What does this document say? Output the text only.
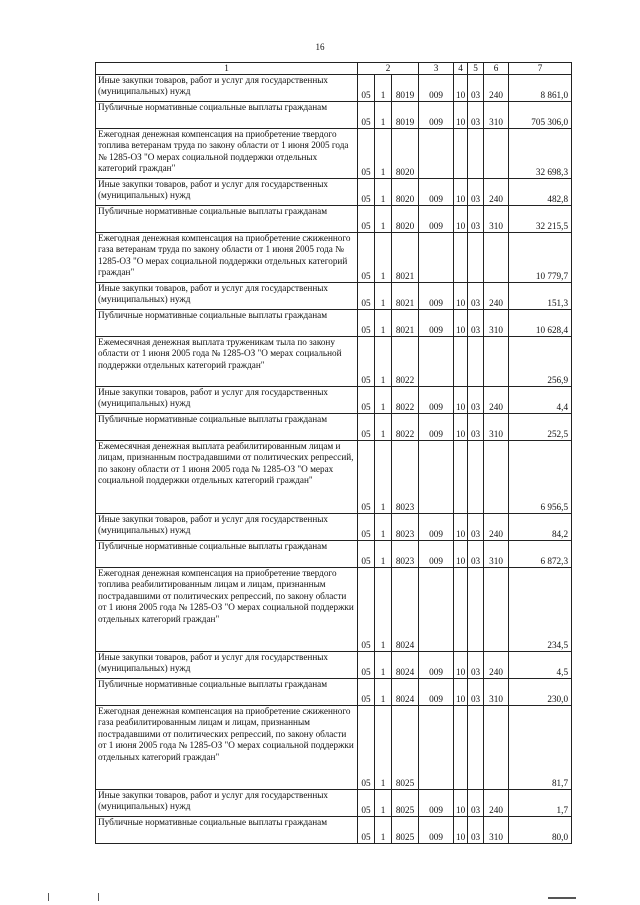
16
1	2			3	4	5	6	7
Иные закупки товаров, работ и услуг для государственных (муниципальных) нужд	05	1	8019	009	10	03	240	8 861,0
Публичные нормативные социальные выплаты гражданам	05	1	8019	009	10	03	310	705 306,0
Ежегодная денежная компенсация на приобретение твердого топлива ветеранам труда по закону области от 1 июня 2005 года № 1285-ОЗ "О мерах социальной поддержки отдельных категорий граждан"	05	1	8020					32 698,3
Иные закупки товаров, работ и услуг для государственных (муниципальных) нужд	05	1	8020	009	10	03	240	482,8
Публичные нормативные социальные выплаты гражданам	05	1	8020	009	10	03	310	32 215,5
Ежегодная денежная компенсация на приобретение сжиженного газа ветеранам труда по закону области от 1 июня 2005 года № 1285-ОЗ "О мерах социальной поддержки отдельных категорий граждан"	05	1	8021					10 779,7
Иные закупки товаров, работ и услуг для государственных (муниципальных) нужд	05	1	8021	009	10	03	240	151,3
Публичные нормативные социальные выплаты гражданам	05	1	8021	009	10	03	310	10 628,4
Ежемесячная денежная выплата труженикам тыла по закону области от 1 июня 2005 года № 1285-ОЗ "О мерах социальной поддержки отдельных категорий граждан"	05	1	8022					256,9
Иные закупки товаров, работ и услуг для государственных (муниципальных) нужд	05	1	8022	009	10	03	240	4,4
Публичные нормативные социальные выплаты гражданам	05	1	8022	009	10	03	310	252,5
Ежемесячная денежная выплата реабилитированным лицам и лицам, признанным пострадавшими от политических репрессий, по закону области от 1 июня 2005 года № 1285-ОЗ "О мерах социальной поддержки отдельных категорий граждан"	05	1	8023					6 956,5
Иные закупки товаров, работ и услуг для государственных (муниципальных) нужд	05	1	8023	009	10	03	240	84,2
Публичные нормативные социальные выплаты гражданам	05	1	8023	009	10	03	310	6 872,3
Ежегодная денежная компенсация на приобретение твердого топлива реабилитированным лицам и лицам, признанным пострадавшими от политических репрессий, по закону области от 1 июня 2005 года № 1285-ОЗ "О мерах социальной поддержки отдельных категорий граждан"	05	1	8024					234,5
Иные закупки товаров, работ и услуг для государственных (муниципальных) нужд	05	1	8024	009	10	03	240	4,5
Публичные нормативные социальные выплаты гражданам	05	1	8024	009	10	03	310	230,0
Ежегодная денежная компенсация на приобретение сжиженного газа реабилитированным лицам и лицам, признанным пострадавшими от политических репрессий, по закону области от 1 июня 2005 года № 1285-ОЗ "О мерах социальной поддержки отдельных категорий граждан"	05	1	8025					81,7
Иные закупки товаров, работ и услуг для государственных (муниципальных) нужд	05	1	8025	009	10	03	240	1,7
Публичные нормативные социальные выплаты гражданам	05	1	8025	009	10	03	310	80,0
